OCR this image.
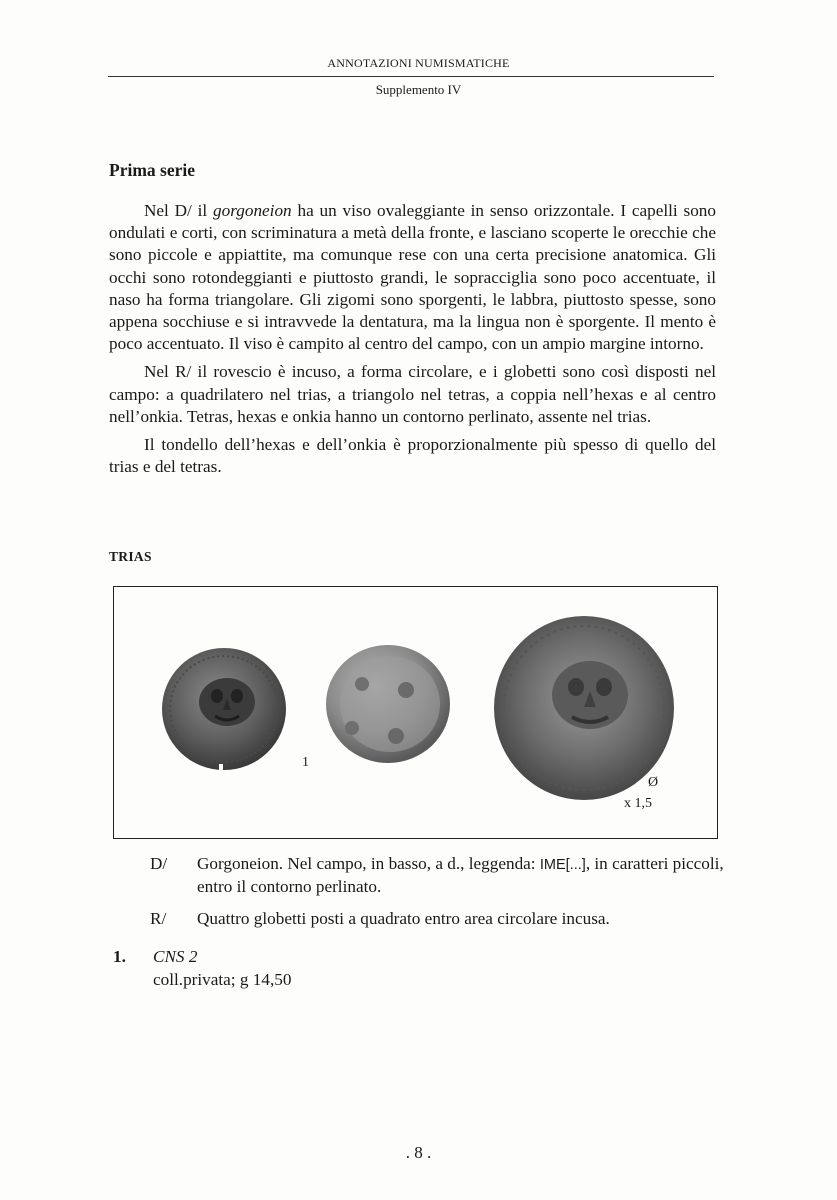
ANNOTAZIONI NUMISMATICHE
Supplemento IV
Prima serie

Nel D/ il gorgoneion ha un viso ovaleggiante in senso orizzontale. I capelli sono ondulati e corti, con scriminatura a metà della fronte, e lasciano scoperte le orecchie che sono piccole e appiattite, ma comunque rese con una certa precisione anatomica. Gli occhi sono rotondeggianti e piuttosto grandi, le sopracciglia sono poco accentuate, il naso ha forma triangolare. Gli zigomi sono sporgenti, le labbra, piuttosto spesse, sono appena socchiuse e si intravvede la dentatura, ma la lingua non è sporgente. Il mento è poco accentuato. Il viso è campito al centro del campo, con un ampio margine intorno.

Nel R/ il rovescio è incuso, a forma circolare, e i globetti sono così disposti nel campo: a quadrilatero nel trias, a triangolo nel tetras, a coppia nell’hexas e al centro nell’onkia. Tetras, hexas e onkia hanno un contorno perlinato, assente nel trias.

Il tondello dell’hexas e dell’onkia è proporzionalmente più spesso di quello del trias e del tetras.

TRIAS
1
Ø
x 1,5
D/	Gorgoneion. Nel campo, in basso, a d., leggenda: IME[...], in caratteri piccoli, entro il contorno perlinato.
R/	Quattro globetti posti a quadrato entro area circolare incusa.
1. CNS 2
coll.privata; g 14,50
. 8 .
